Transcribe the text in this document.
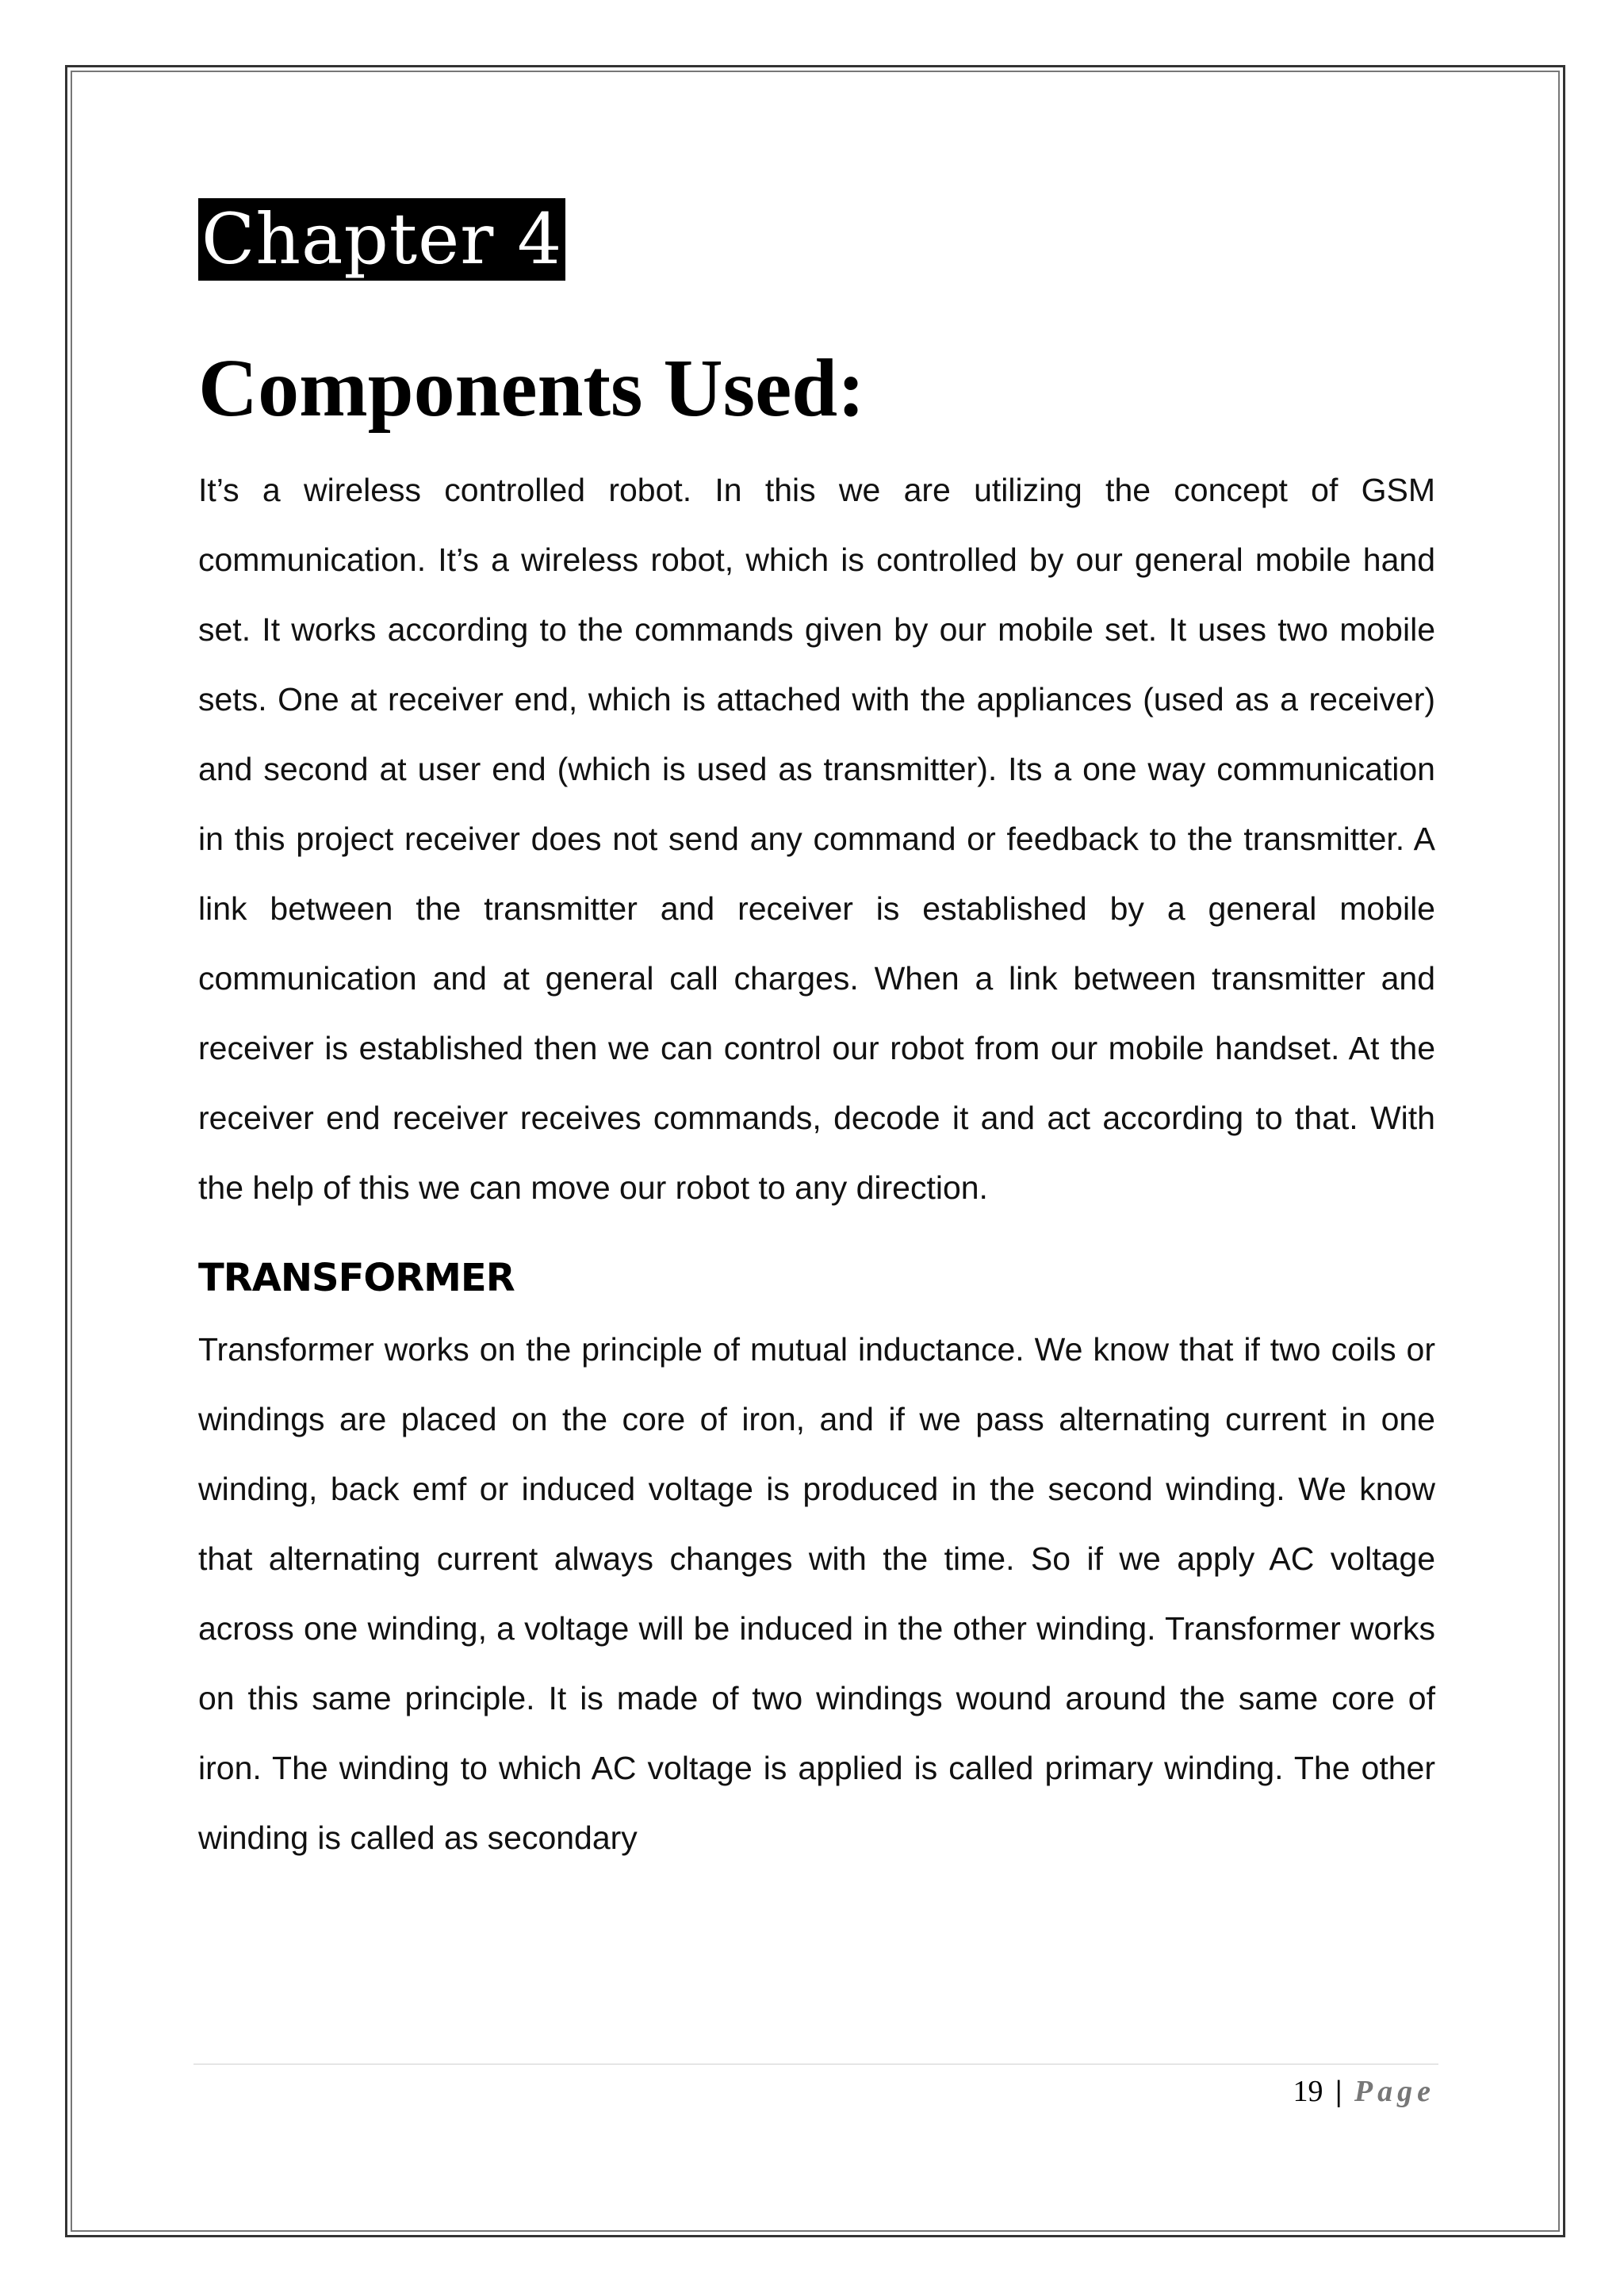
Chapter 4
Components Used:

It’s a wireless controlled robot. In this we are utilizing the concept of GSM communication. It’s a wireless robot, which is controlled by our general mobile hand set. It works according to the commands given by our mobile set. It uses two mobile sets. One at receiver end, which is attached with the appliances (used as a receiver) and second at user end (which is used as transmitter). Its a one way communication in this project receiver does not send any command or feedback to the transmitter. A link between the transmitter and receiver is established by a general mobile communication and at general call charges. When a link between transmitter and receiver is established then we can control our robot from our mobile handset. At the receiver end receiver receives commands, decode it and act according to that. With the help of this we can move our robot to any direction.

TRANSFORMER

Transformer works on the principle of mutual inductance. We know that if two coils or windings are placed on the core of iron, and if we pass alternating current in one winding, back emf or induced voltage is produced in the second winding. We know that alternating current always changes with the time. So if we apply AC voltage across one winding, a voltage will be induced in the other winding. Transformer works on this same principle. It is made of two windings wound around the same core of iron. The winding to which AC voltage is applied is called primary winding. The other winding is called as secondary

19 | Page
